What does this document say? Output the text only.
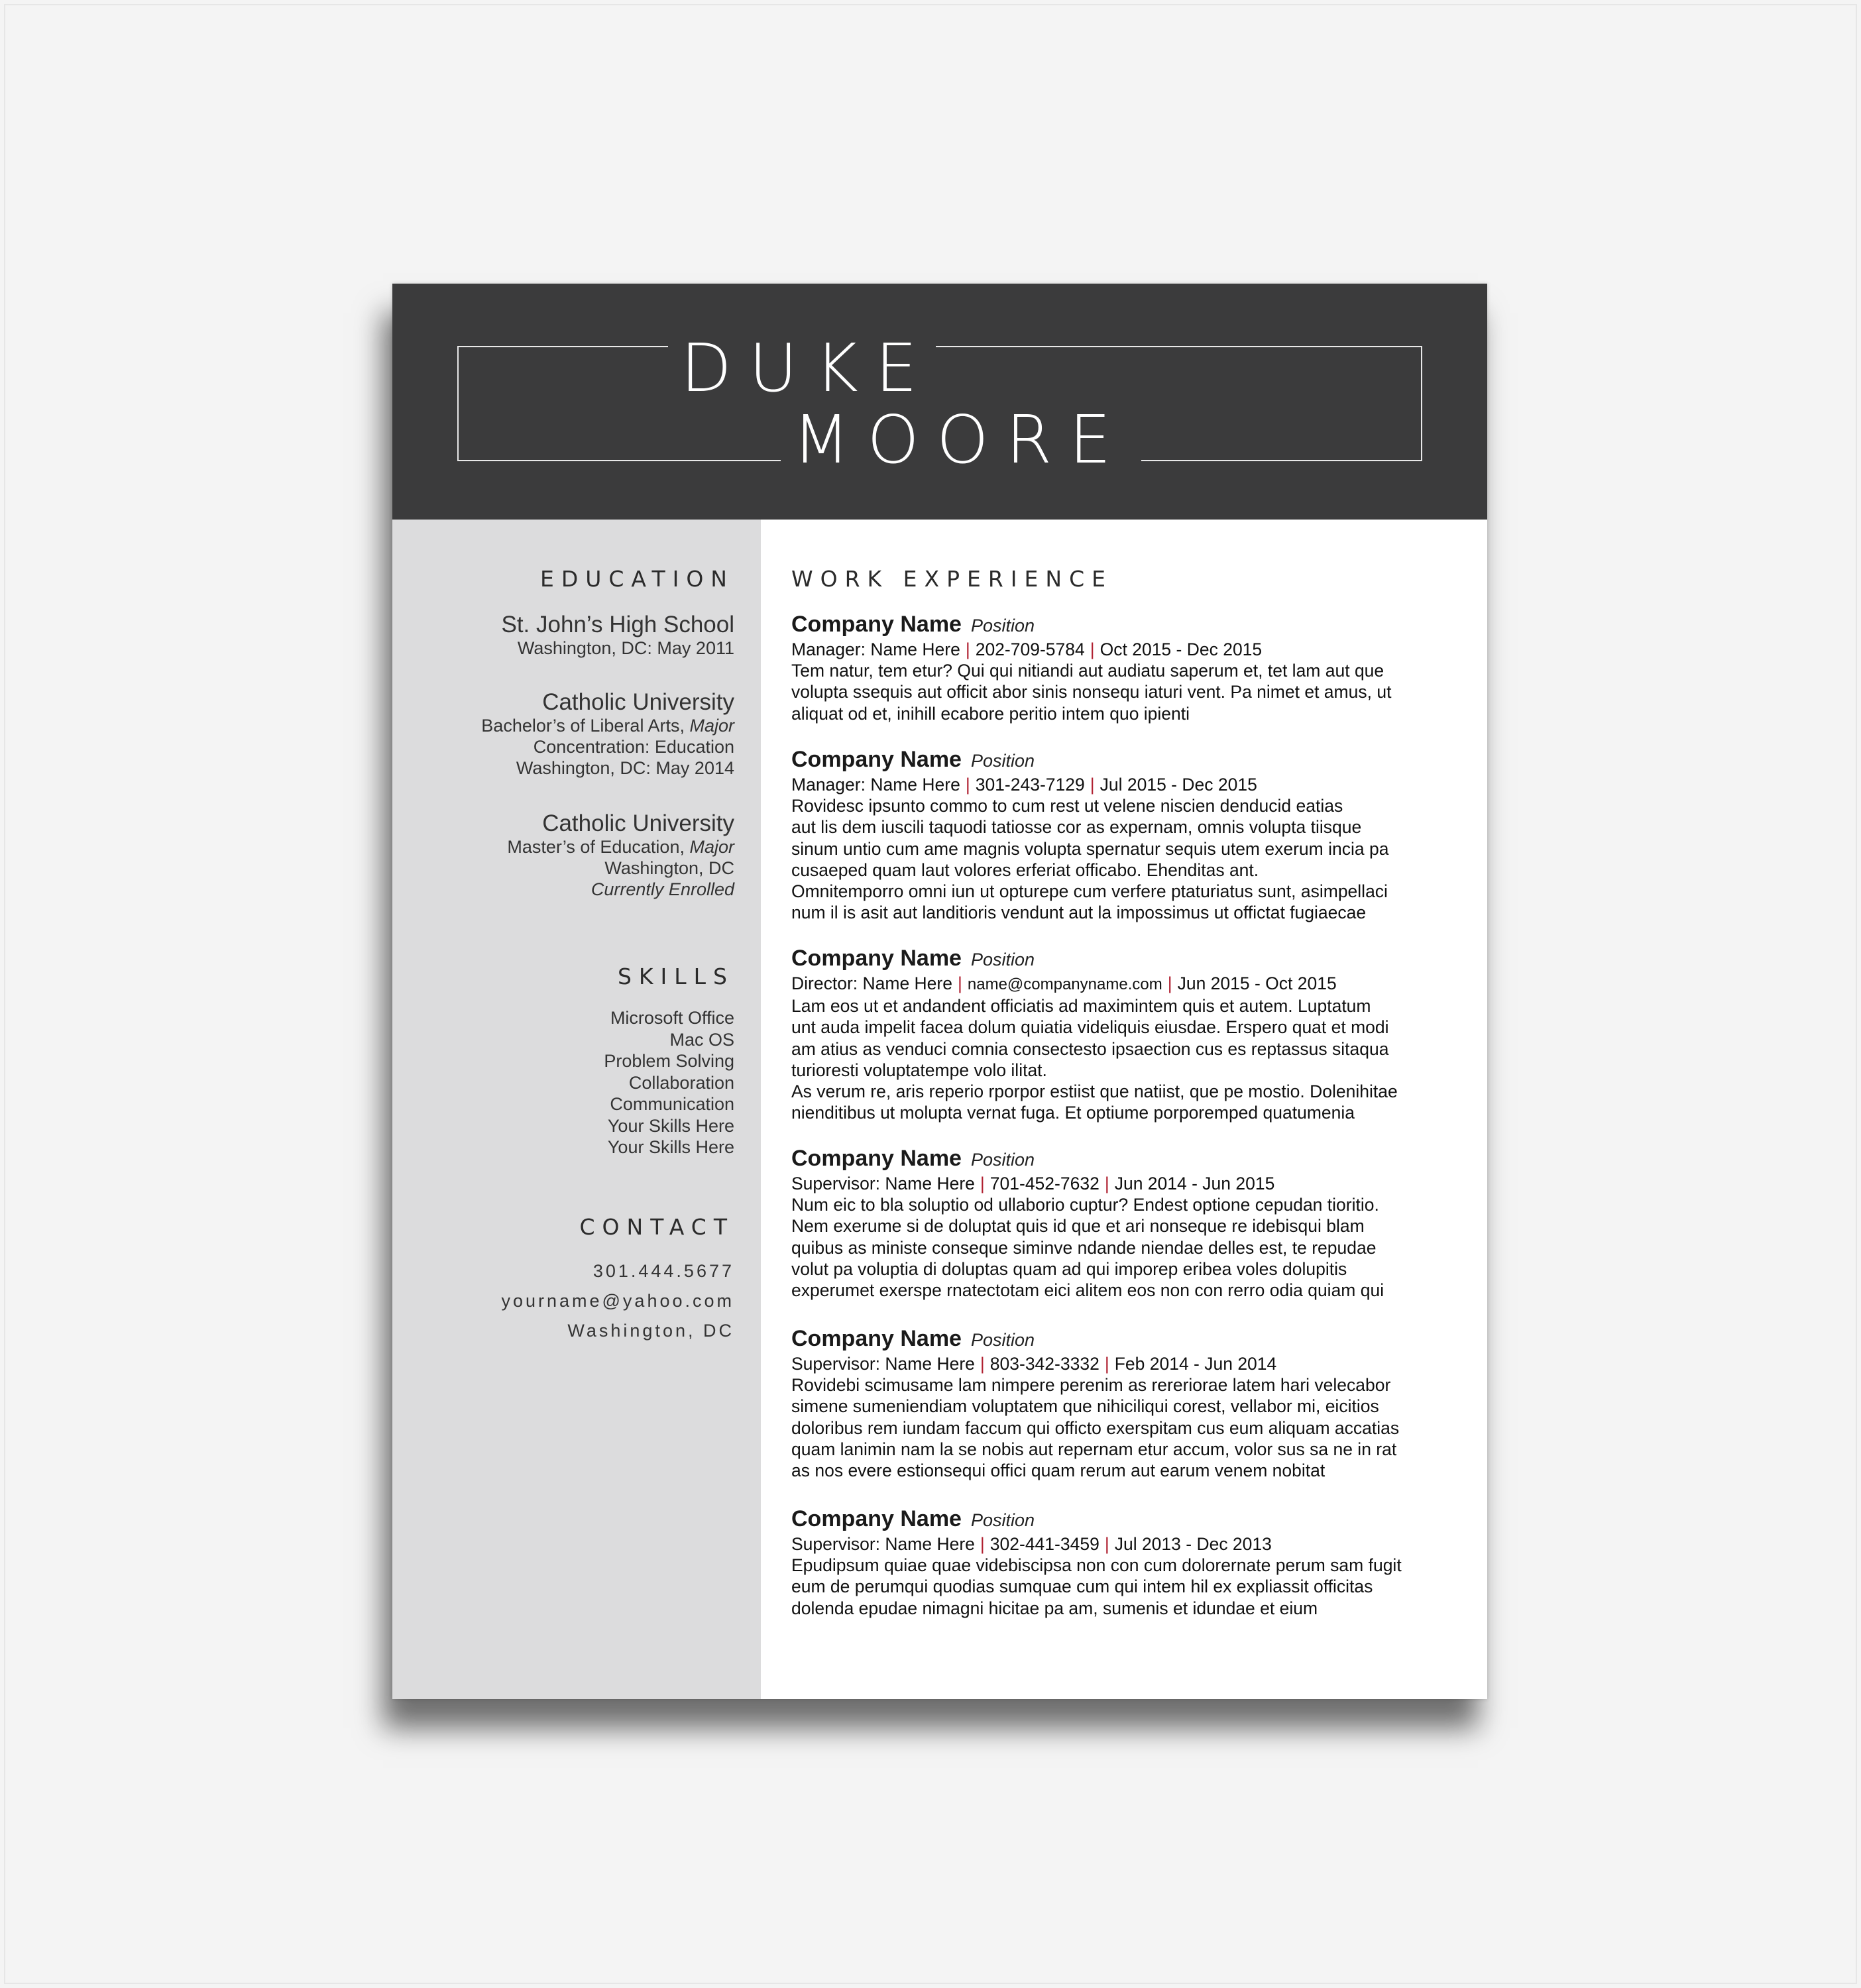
DUKE
MOORE
EDUCATION
St. John’s High School
Washington, DC: May 2011
Catholic University
Bachelor’s of Liberal Arts, Major
Concentration: Education
Washington, DC: May 2014
Catholic University
Master’s of Education, Major
Washington, DC
Currently Enrolled
SKILLS
Microsoft Office
Mac OS
Problem Solving
Collaboration
Communication
Your Skills Here
Your Skills Here
CONTACT
301.444.5677
yourname@yahoo.com
Washington, DC
WORK EXPERIENCE
Company Name Position
Manager: Name Here | 202-709-5784 | Oct 2015 - Dec 2015
Tem natur, tem etur? Qui qui nitiandi aut audiatu saperum et, tet lam aut que
volupta ssequis aut officit abor sinis nonsequ iaturi vent. Pa nimet et amus, ut
aliquat od et, inihill ecabore peritio intem quo ipienti
Company Name Position
Manager: Name Here | 301-243-7129 | Jul 2015 - Dec 2015
Rovidesc ipsunto commo to cum rest ut velene niscien denducid eatias
aut lis dem iuscili taquodi tatiosse cor as expernam, omnis volupta tiisque
sinum untio cum ame magnis volupta spernatur sequis utem exerum incia pa
cusaeped quam laut volores erferiat officabo. Ehenditas ant.
Omnitemporro omni iun ut opturepe cum verfere ptaturiatus sunt, asimpellaci
num il is asit aut landitioris vendunt aut la impossimus ut offictat fugiaecae
Company Name Position
Director: Name Here | name@companyname.com | Jun 2015 - Oct 2015
Lam eos ut et andandent officiatis ad maximintem quis et autem. Luptatum
unt auda impelit facea dolum quiatia videliquis eiusdae. Erspero quat et modi
am atius as venduci comnia consectesto ipsaection cus es reptassus sitaqua
turioresti voluptatempe volo ilitat.
As verum re, aris reperio rporpor estiist que natiist, que pe mostio. Dolenihitae
nienditibus ut molupta vernat fuga. Et optiume porporemped quatumenia
Company Name Position
Supervisor: Name Here | 701-452-7632 | Jun 2014 - Jun 2015
Num eic to bla soluptio od ullaborio cuptur? Endest optione cepudan tioritio.
Nem exerume si de doluptat quis id que et ari nonseque re idebisqui blam
quibus as ministe conseque siminve ndande niendae delles est, te repudae
volut pa voluptia di doluptas quam ad qui imporep eribea voles dolupitis
experumet exerspe rnatectotam eici alitem eos non con rerro odia quiam qui
Company Name Position
Supervisor: Name Here | 803-342-3332 | Feb 2014 - Jun 2014
Rovidebi scimusame lam nimpere perenim as rereriorae latem hari velecabor
simene sumeniendiam voluptatem que nihiciliqui corest, vellabor mi, eicitios
doloribus rem iundam faccum qui officto exerspitam cus eum aliquam accatias
quam lanimin nam la se nobis aut repernam etur accum, volor sus sa ne in rat
as nos evere estionsequi offici quam rerum aut earum venem nobitat
Company Name Position
Supervisor: Name Here | 302-441-3459 | Jul 2013 - Dec 2013
Epudipsum quiae quae videbiscipsa non con cum dolorernate perum sam fugit
eum de perumqui quodias sumquae cum qui intem hil ex expliassit officitas
dolenda epudae nimagni hicitae pa am, sumenis et idundae et eium
